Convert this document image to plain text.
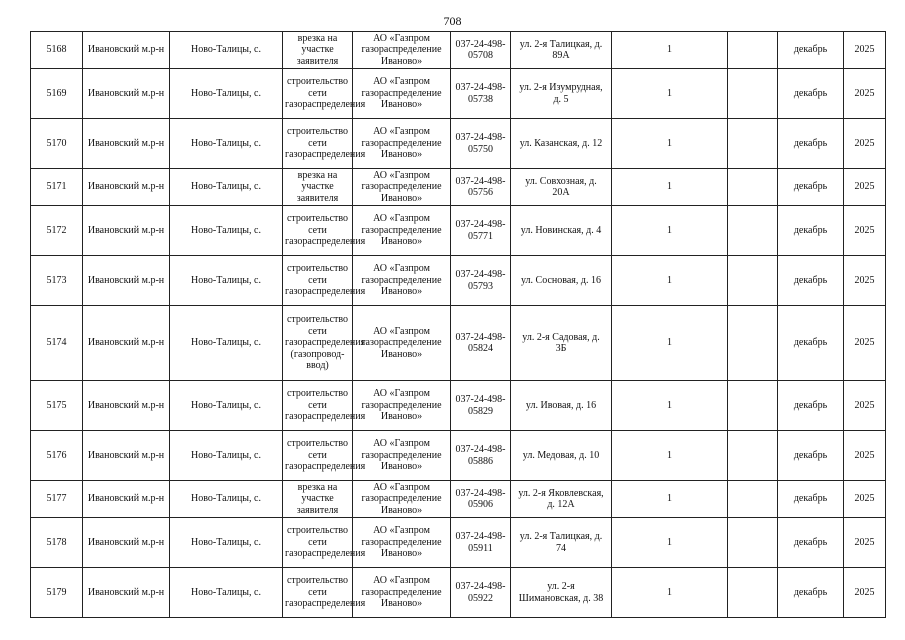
708
5168	Ивановский м.р-н	Ново-Талицы, с.	врезка на участке заявителя	АО «Газпром газораспределение Иваново»	037-24-498-05708	ул. 2-я Талицкая, д. 89А	1		декабрь	2025
5169	Ивановский м.р-н	Ново-Талицы, с.	строительство сети газораспределения	АО «Газпром газораспределение Иваново»	037-24-498-05738	ул. 2-я Изумрудная, д. 5	1		декабрь	2025
5170	Ивановский м.р-н	Ново-Талицы, с.	строительство сети газораспределения	АО «Газпром газораспределение Иваново»	037-24-498-05750	ул. Казанская, д. 12	1		декабрь	2025
5171	Ивановский м.р-н	Ново-Талицы, с.	врезка на участке заявителя	АО «Газпром газораспределение Иваново»	037-24-498-05756	ул. Совхозная, д. 20А	1		декабрь	2025
5172	Ивановский м.р-н	Ново-Талицы, с.	строительство сети газораспределения	АО «Газпром газораспределение Иваново»	037-24-498-05771	ул. Новинская, д. 4	1		декабрь	2025
5173	Ивановский м.р-н	Ново-Талицы, с.	строительство сети газораспределения	АО «Газпром газораспределение Иваново»	037-24-498-05793	ул. Сосновая, д. 16	1		декабрь	2025
5174	Ивановский м.р-н	Ново-Талицы, с.	строительство сети газораспределения (газопровод-ввод)	АО «Газпром газораспределение Иваново»	037-24-498-05824	ул. 2-я Садовая, д. 3Б	1		декабрь	2025
5175	Ивановский м.р-н	Ново-Талицы, с.	строительство сети газораспределения	АО «Газпром газораспределение Иваново»	037-24-498-05829	ул. Ивовая, д. 16	1		декабрь	2025
5176	Ивановский м.р-н	Ново-Талицы, с.	строительство сети газораспределения	АО «Газпром газораспределение Иваново»	037-24-498-05886	ул. Медовая, д. 10	1		декабрь	2025
5177	Ивановский м.р-н	Ново-Талицы, с.	врезка на участке заявителя	АО «Газпром газораспределение Иваново»	037-24-498-05906	ул. 2-я Яковлевская, д. 12А	1		декабрь	2025
5178	Ивановский м.р-н	Ново-Талицы, с.	строительство сети газораспределения	АО «Газпром газораспределение Иваново»	037-24-498-05911	ул. 2-я Талицкая, д. 74	1		декабрь	2025
5179	Ивановский м.р-н	Ново-Талицы, с.	строительство сети газораспределения	АО «Газпром газораспределение Иваново»	037-24-498-05922	ул. 2-я Шимановская, д. 38	1		декабрь	2025
